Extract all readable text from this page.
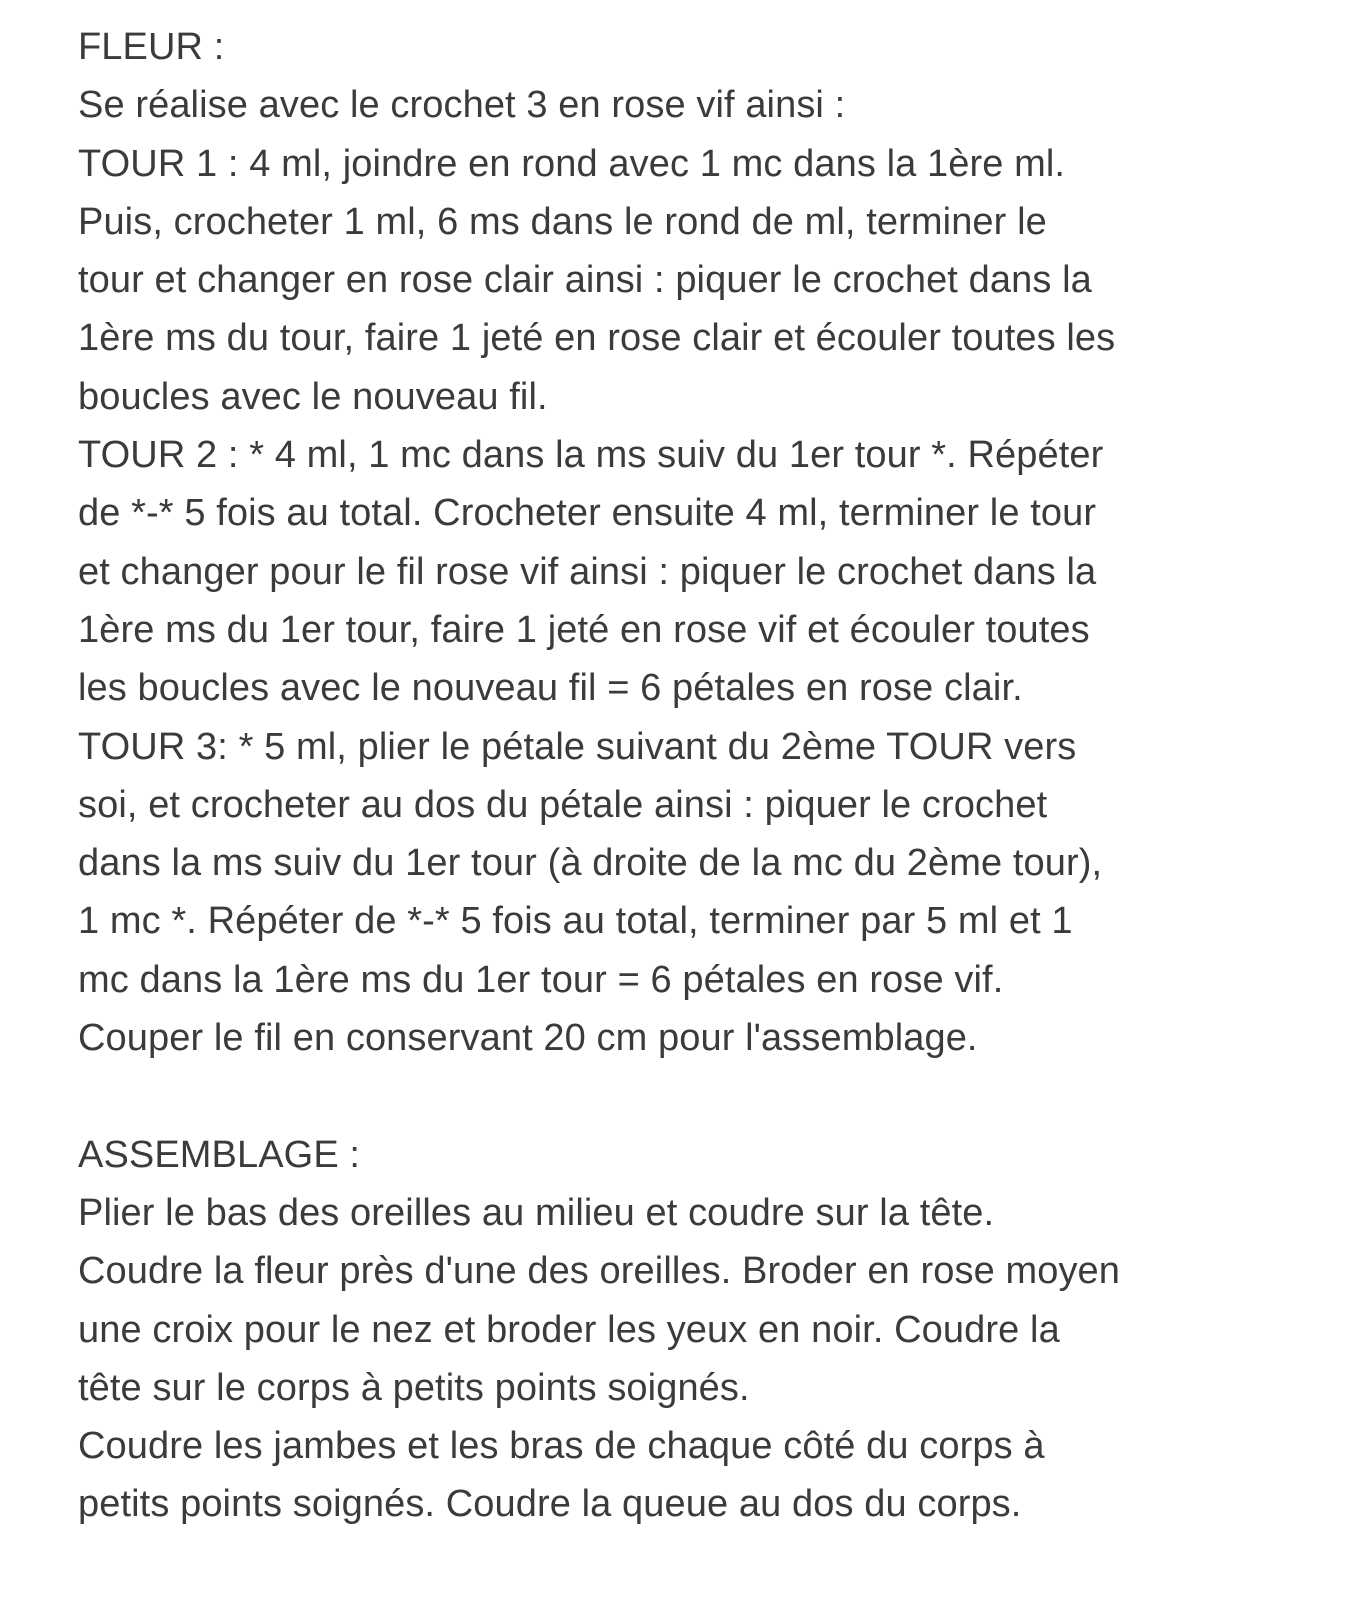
FLEUR :
Se réalise avec le crochet 3 en rose vif ainsi :
TOUR 1 : 4 ml, joindre en rond avec 1 mc dans la 1ère ml.
Puis, crocheter 1 ml, 6 ms dans le rond de ml, terminer le
tour et changer en rose clair ainsi : piquer le crochet dans la
1ère ms du tour, faire 1 jeté en rose clair et écouler toutes les
boucles avec le nouveau fil.
TOUR 2 : * 4 ml, 1 mc dans la ms suiv du 1er tour *. Répéter
de *-* 5 fois au total. Crocheter ensuite 4 ml, terminer le tour
et changer pour le fil rose vif ainsi : piquer le crochet dans la
1ère ms du 1er tour, faire 1 jeté en rose vif et écouler toutes
les boucles avec le nouveau fil = 6 pétales en rose clair.
TOUR 3: * 5 ml, plier le pétale suivant du 2ème TOUR vers
soi, et crocheter au dos du pétale ainsi : piquer le crochet
dans la ms suiv du 1er tour (à droite de la mc du 2ème tour),
1 mc *. Répéter de *-* 5 fois au total, terminer par 5 ml et 1
mc dans la 1ère ms du 1er tour = 6 pétales en rose vif.
Couper le fil en conservant 20 cm pour l'assemblage.
ASSEMBLAGE :
Plier le bas des oreilles au milieu et coudre sur la tête.
Coudre la fleur près d'une des oreilles. Broder en rose moyen
une croix pour le nez et broder les yeux en noir. Coudre la
tête sur le corps à petits points soignés.
Coudre les jambes et les bras de chaque côté du corps à
petits points soignés. Coudre la queue au dos du corps.
